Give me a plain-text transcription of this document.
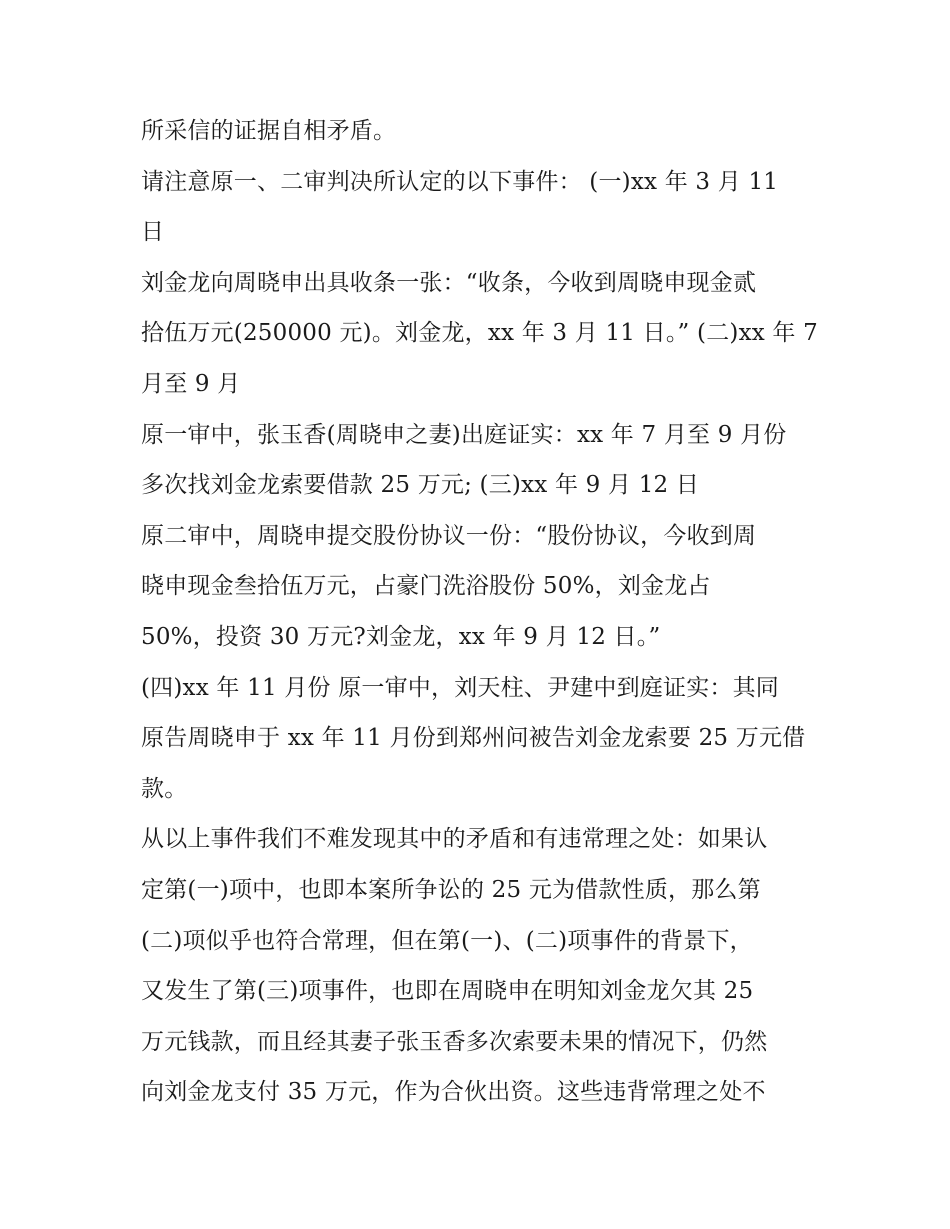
所采信的证据自相矛盾。
请注意原一、二审判决所认定的以下事件： (一)xx 年 3 月 11
日
刘金龙向周晓申出具收条一张：“收条，今收到周晓申现金贰
拾伍万元(250000 元)。刘金龙，xx 年 3 月 11 日。” (二)xx 年 7
月至 9 月
原一审中，张玉香(周晓申之妻)出庭证实：xx 年 7 月至 9 月份
多次找刘金龙索要借款 25 万元; (三)xx 年 9 月 12 日
原二审中，周晓申提交股份协议一份：“股份协议，今收到周
晓申现金叁拾伍万元，占豪门洗浴股份 50%，刘金龙占
50%，投资 30 万元?刘金龙，xx 年 9 月 12 日。”
(四)xx 年 11 月份 原一审中，刘天柱、尹建中到庭证实：其同
原告周晓申于 xx 年 11 月份到郑州问被告刘金龙索要 25 万元借
款。
从以上事件我们不难发现其中的矛盾和有违常理之处：如果认
定第(一)项中，也即本案所争讼的 25 元为借款性质，那么第
(二)项似乎也符合常理，但在第(一)、(二)项事件的背景下，
又发生了第(三)项事件，也即在周晓申在明知刘金龙欠其 25
万元钱款，而且经其妻子张玉香多次索要未果的情况下，仍然
向刘金龙支付 35 万元，作为合伙出资。这些违背常理之处不
